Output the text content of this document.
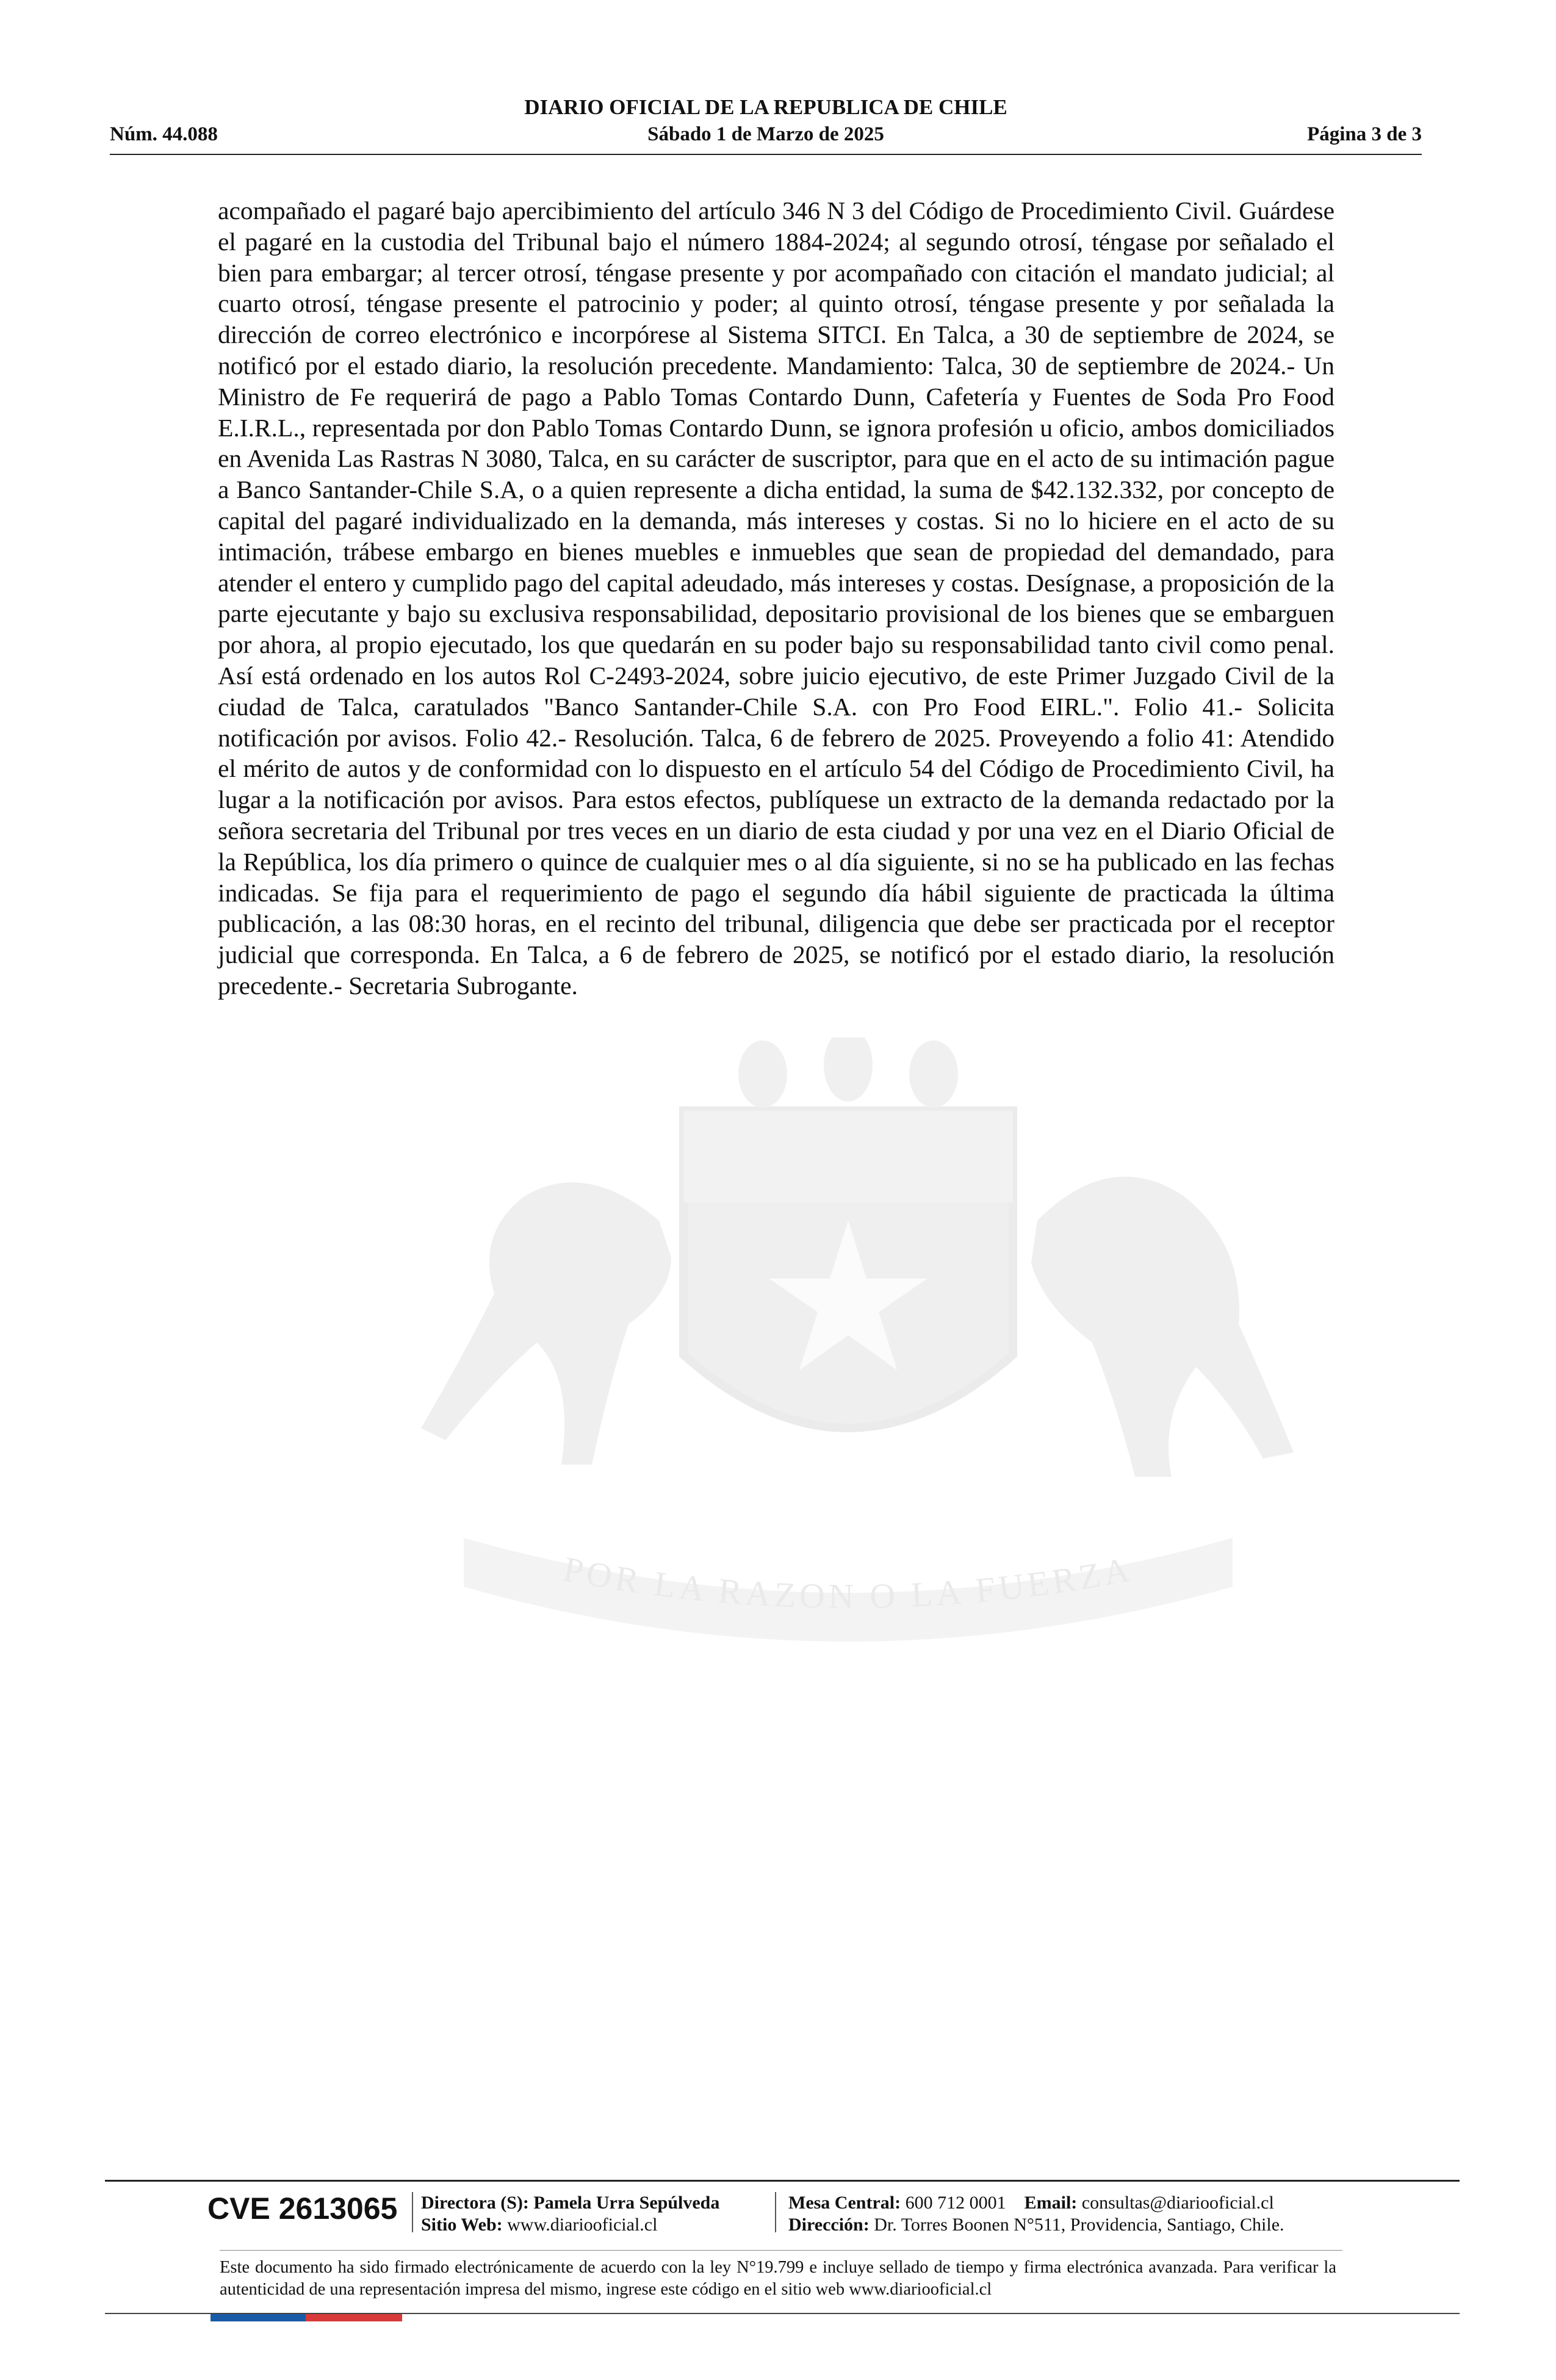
DIARIO OFICIAL DE LA REPUBLICA DE CHILE
Núm. 44.088	Sábado 1 de Marzo de 2025	Página 3 de 3
POR LA RAZON O LA FUERZA

acompañado el pagaré bajo apercibimiento del artículo 346 N 3 del Código de Procedimiento Civil. Guárdese el pagaré en la custodia del Tribunal bajo el número 1884-2024; al segundo otrosí, téngase por señalado el bien para embargar; al tercer otrosí, téngase presente y por acompañado con citación el mandato judicial; al cuarto otrosí, téngase presente el patrocinio y poder; al quinto otrosí, téngase presente y por señalada la dirección de correo electrónico e incorpórese al Sistema SITCI. En Talca, a 30 de septiembre de 2024, se notificó por el estado diario, la resolución precedente. Mandamiento: Talca, 30 de septiembre de 2024.- Un Ministro de Fe requerirá de pago a Pablo Tomas Contardo Dunn, Cafetería y Fuentes de Soda Pro Food E.I.R.L., representada por don Pablo Tomas Contardo Dunn, se ignora profesión u oficio, ambos domiciliados en Avenida Las Rastras N 3080, Talca, en su carácter de suscriptor, para que en el acto de su intimación pague a Banco Santander-Chile S.A, o a quien represente a dicha entidad, la suma de $42.132.332, por concepto de capital del pagaré individualizado en la demanda, más intereses y costas. Si no lo hiciere en el acto de su intimación, trábese embargo en bienes muebles e inmuebles que sean de propiedad del demandado, para atender el entero y cumplido pago del capital adeudado, más intereses y costas. Desígnase, a proposición de la parte ejecutante y bajo su exclusiva responsabilidad, depositario provisional de los bienes que se embarguen por ahora, al propio ejecutado, los que quedarán en su poder bajo su responsabilidad tanto civil como penal. Así está ordenado en los autos Rol C-2493-2024, sobre juicio ejecutivo, de este Primer Juzgado Civil de la ciudad de Talca, caratulados "Banco Santander-Chile S.A. con Pro Food EIRL.". Folio 41.- Solicita notificación por avisos. Folio 42.- Resolución. Talca, 6 de febrero de 2025. Proveyendo a folio 41: Atendido el mérito de autos y de conformidad con lo dispuesto en el artículo 54 del Código de Procedimiento Civil, ha lugar a la notificación por avisos. Para estos efectos, publíquese un extracto de la demanda redactado por la señora secretaria del Tribunal por tres veces en un diario de esta ciudad y por una vez en el Diario Oficial de la República, los día primero o quince de cualquier mes o al día siguiente, si no se ha publicado en las fechas indicadas. Se fija para el requerimiento de pago el segundo día hábil siguiente de practicada la última publicación, a las 08:30 horas, en el recinto del tribunal, diligencia que debe ser practicada por el receptor judicial que corresponda. En Talca, a 6 de febrero de 2025, se notificó por el estado diario, la resolución precedente.- Secretaria Subrogante.

CVE 2613065 Directora (S): Pamela Urra Sepúlveda
Sitio Web: www.diariooficial.cl
Mesa Central: 600 712 0001 Email: consultas@diariooficial.cl
Dirección: Dr. Torres Boonen N°511, Providencia, Santiago, Chile.

Este documento ha sido firmado electrónicamente de acuerdo con la ley N°19.799 e incluye sellado de tiempo y firma electrónica avanzada. Para verificar la autenticidad de una representación impresa del mismo, ingrese este código en el sitio web www.diariooficial.cl
